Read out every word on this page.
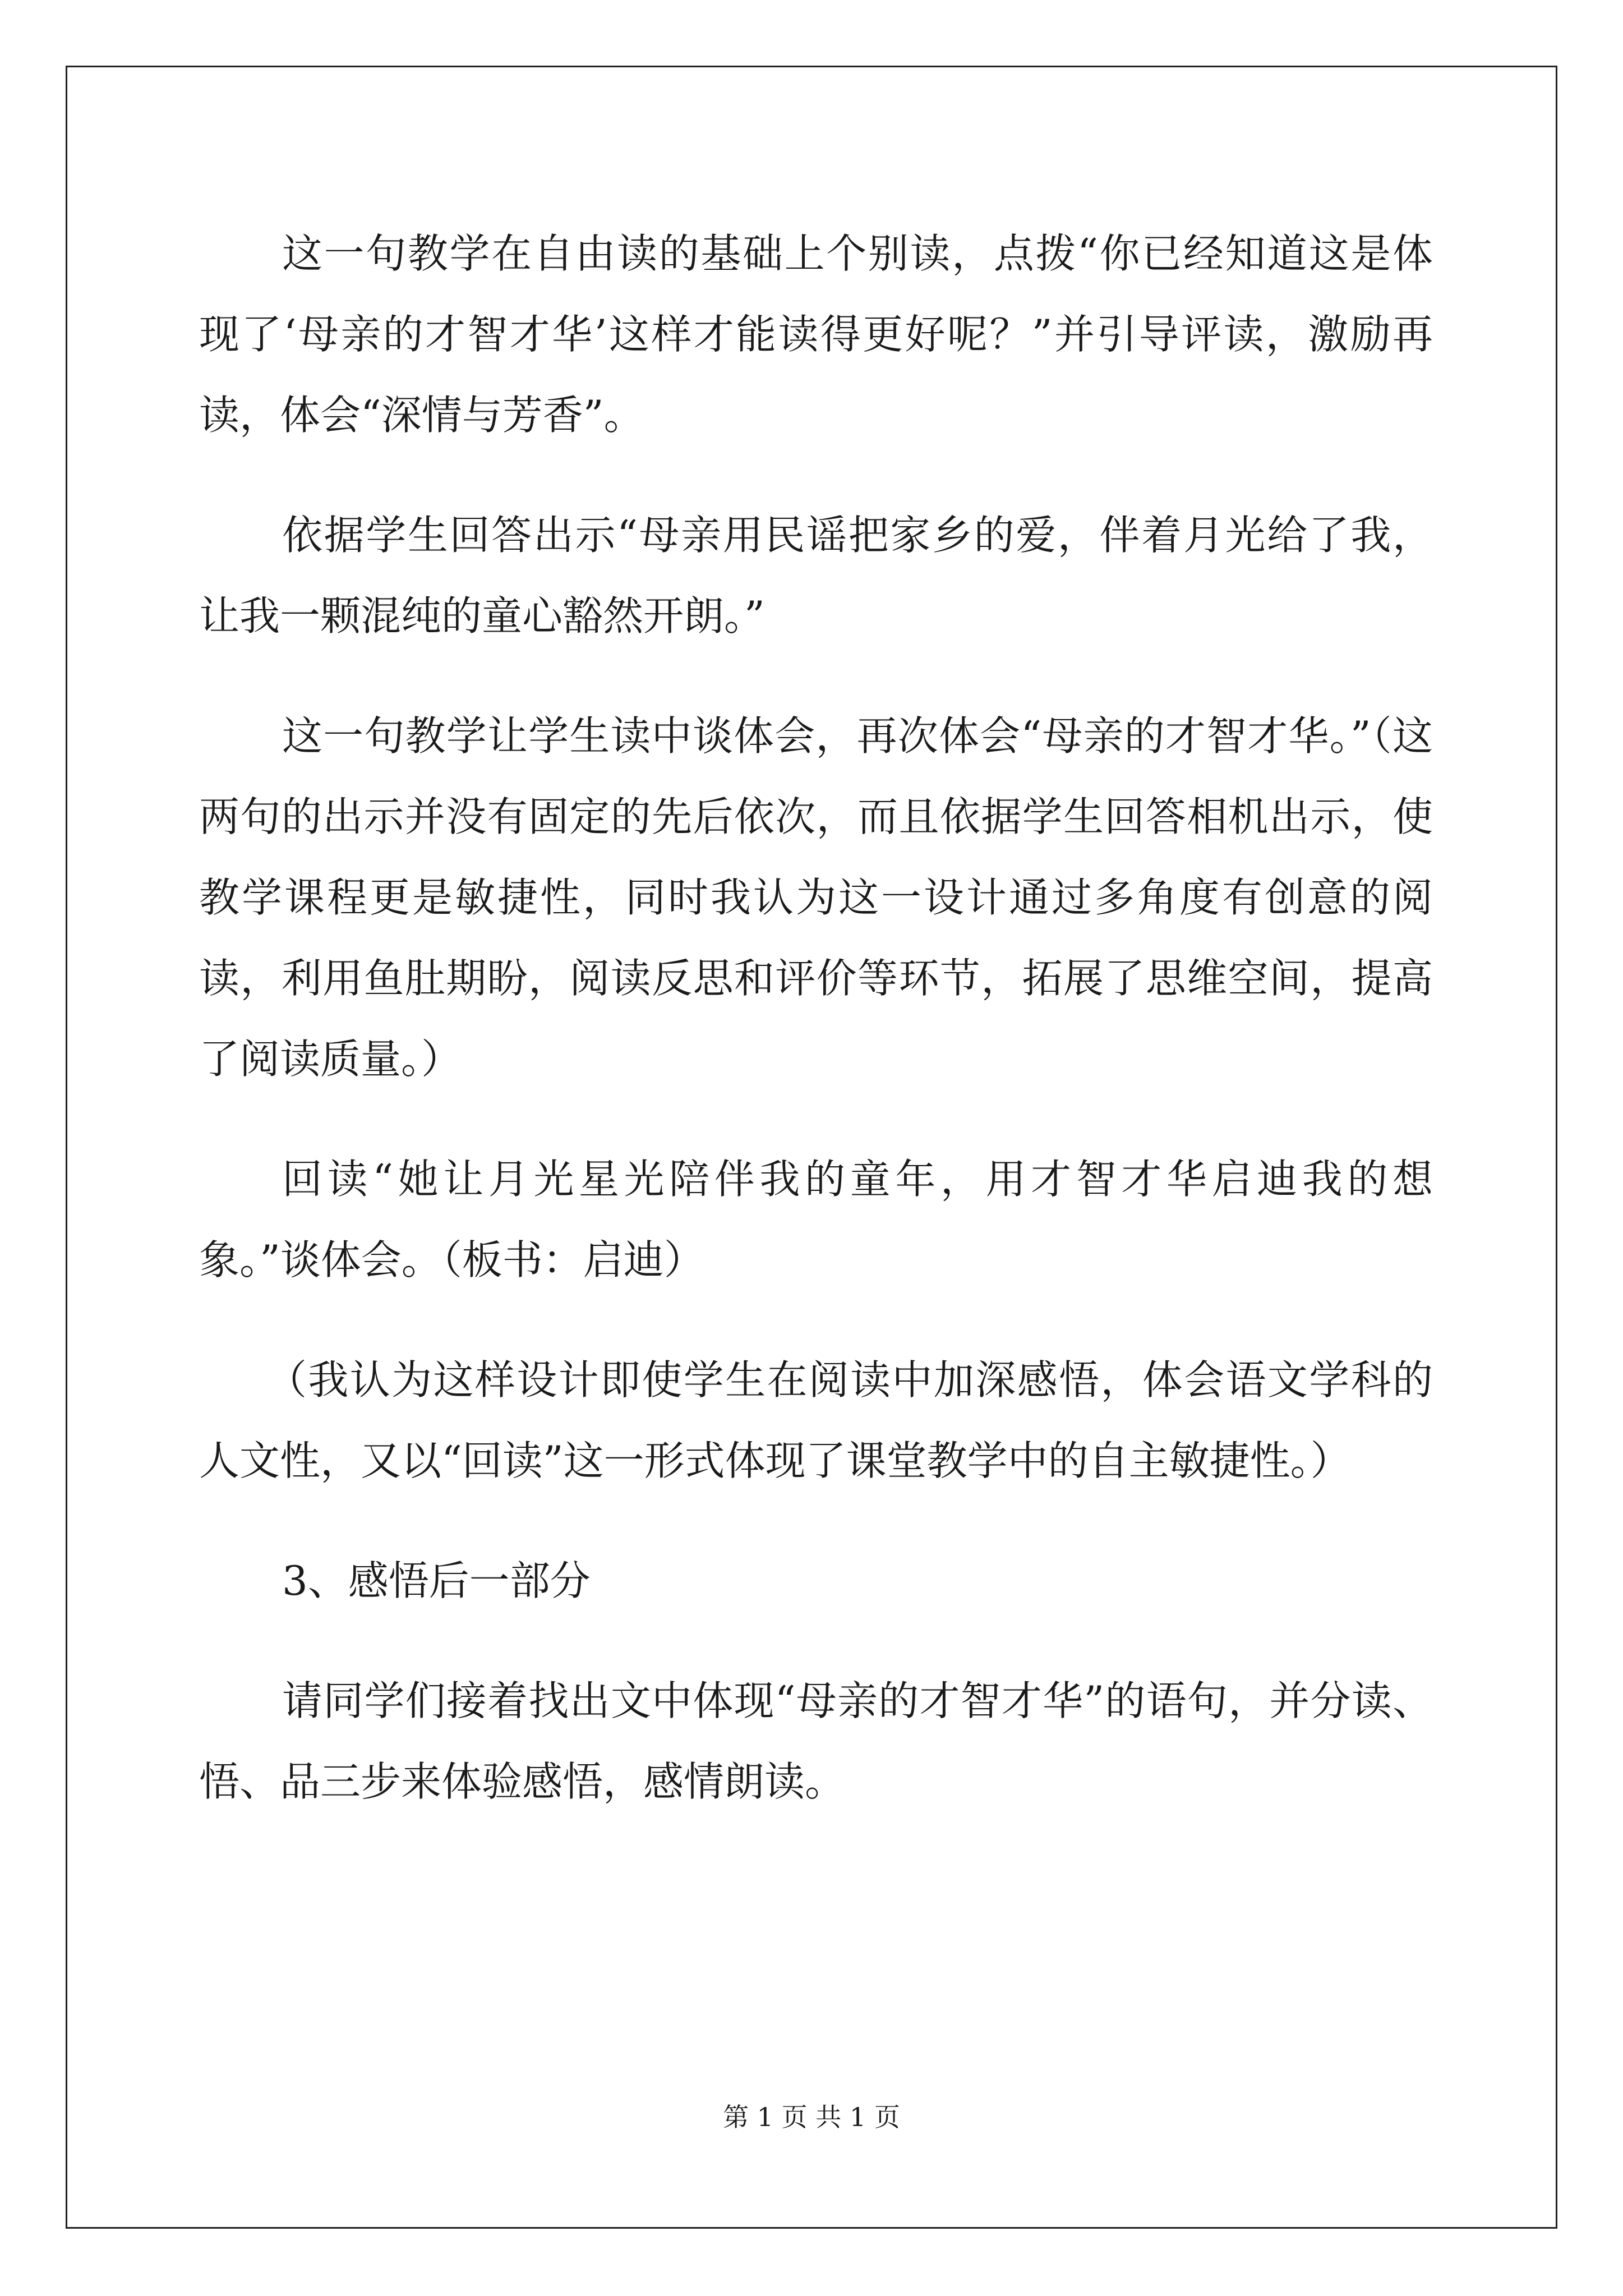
这一句教学在自由读的基础上个别读，点拨“你已经知道这是体现了‘母亲的才智才华’这样才能读得更好呢？”并引导评读，激励再读，体会“深情与芳香”。

依据学生回答出示“母亲用民谣把家乡的爱，伴着月光给了我，让我一颗混纯的童心豁然开朗。”

这一句教学让学生读中谈体会，再次体会“母亲的才智才华。”（这两句的出示并没有固定的先后依次，而且依据学生回答相机出示，使教学课程更是敏捷性，同时我认为这一设计通过多角度有创意的阅读，利用鱼肚期盼，阅读反思和评价等环节，拓展了思维空间，提高了阅读质量。）

回读“她让月光星光陪伴我的童年，用才智才华启迪我的想象。”谈体会。（板书：启迪）

（我认为这样设计即使学生在阅读中加深感悟，体会语文学科的人文性，又以“回读”这一形式体现了课堂教学中的自主敏捷性。）

3、感悟后一部分

请同学们接着找出文中体现“母亲的才智才华”的语句，并分读、悟、品三步来体验感悟，感情朗读。

第 1 页 共 1 页
